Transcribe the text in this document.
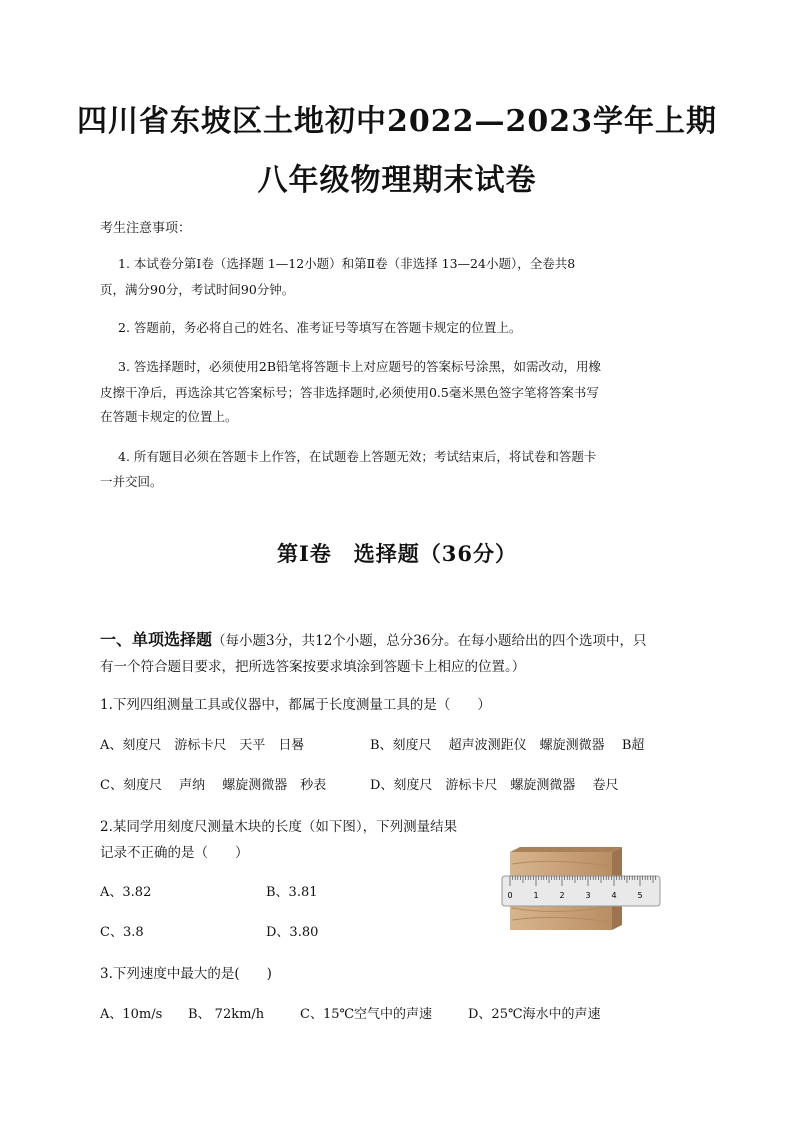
四川省东坡区土地初中2022—2023学年上期
八年级物理期末试卷
考生注意事项：
1. 本试卷分第Ⅰ卷（选择题 1—12小题）和第Ⅱ卷（非选择 13—24小题），全卷共8
页，满分90分，考试时间90分钟。
2. 答题前，务必将自己的姓名、准考证号等填写在答题卡规定的位置上。
3. 答选择题时，必须使用2B铅笔将答题卡上对应题号的答案标号涂黑，如需改动，用橡
皮擦干净后，再选涂其它答案标号；答非选择题时,必须使用0.5毫米黑色签字笔将答案书写
在答题卡规定的位置上。
4. 所有题目必须在答题卡上作答，在试题卷上答题无效；考试结束后，将试卷和答题卡
一并交回。
第Ⅰ卷　选择题（36分）
一、单项选择题（每小题3分，共12个小题，总分36分。在每小题给出的四个选项中，只
有一个符合题目要求，把所选答案按要求填涂到答题卡上相应的位置。）
1.下列四组测量工具或仪器中，都属于长度测量工具的是（　　）
A、刻度尺　游标卡尺　天平　日晷	B、刻度尺　 超声波测距仪　螺旋测微器　 B超
C、刻度尺　 声纳　 螺旋测微器　秒表	D、刻度尺　游标卡尺　螺旋测微器　 卷尺
2.某同学用刻度尺测量木块的长度（如下图），下列测量结果
记录不正确的是（　　）
A、3.82	B、3.81
C、3.8	D、3.80
0	1	2	3	4	5
3.下列速度中最大的是(　　)
A、10m/s B、 72km/h	C、15℃空气中的声速	D、25℃海水中的声速
